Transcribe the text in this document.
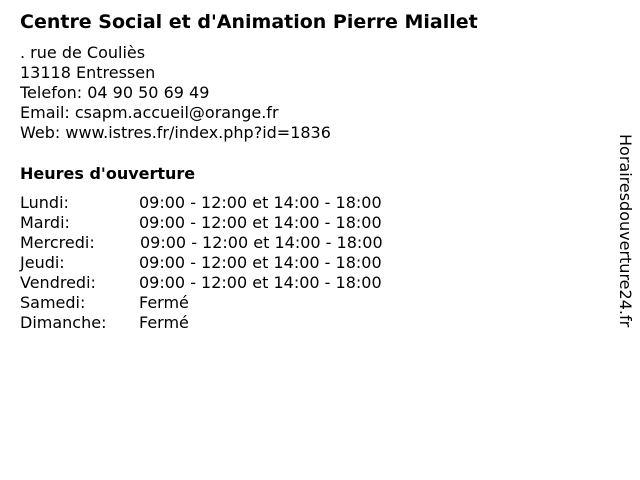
Centre Social et d'Animation Pierre Miallet
. rue de Couliès
13118 Entressen
Telefon: 04 90 50 69 49
Email: csapm.accueil@orange.fr
Web: www.istres.fr/index.php?id=1836
Heures d'ouverture
Lundi:	09:00 - 12:00 et 14:00 - 18:00
Mardi:	09:00 - 12:00 et 14:00 - 18:00
Mercredi:	09:00 - 12:00 et 14:00 - 18:00
Jeudi:	09:00 - 12:00 et 14:00 - 18:00
Vendredi:	09:00 - 12:00 et 14:00 - 18:00
Samedi:	Fermé
Dimanche: Fermé	Horairesdouverture24.fr
